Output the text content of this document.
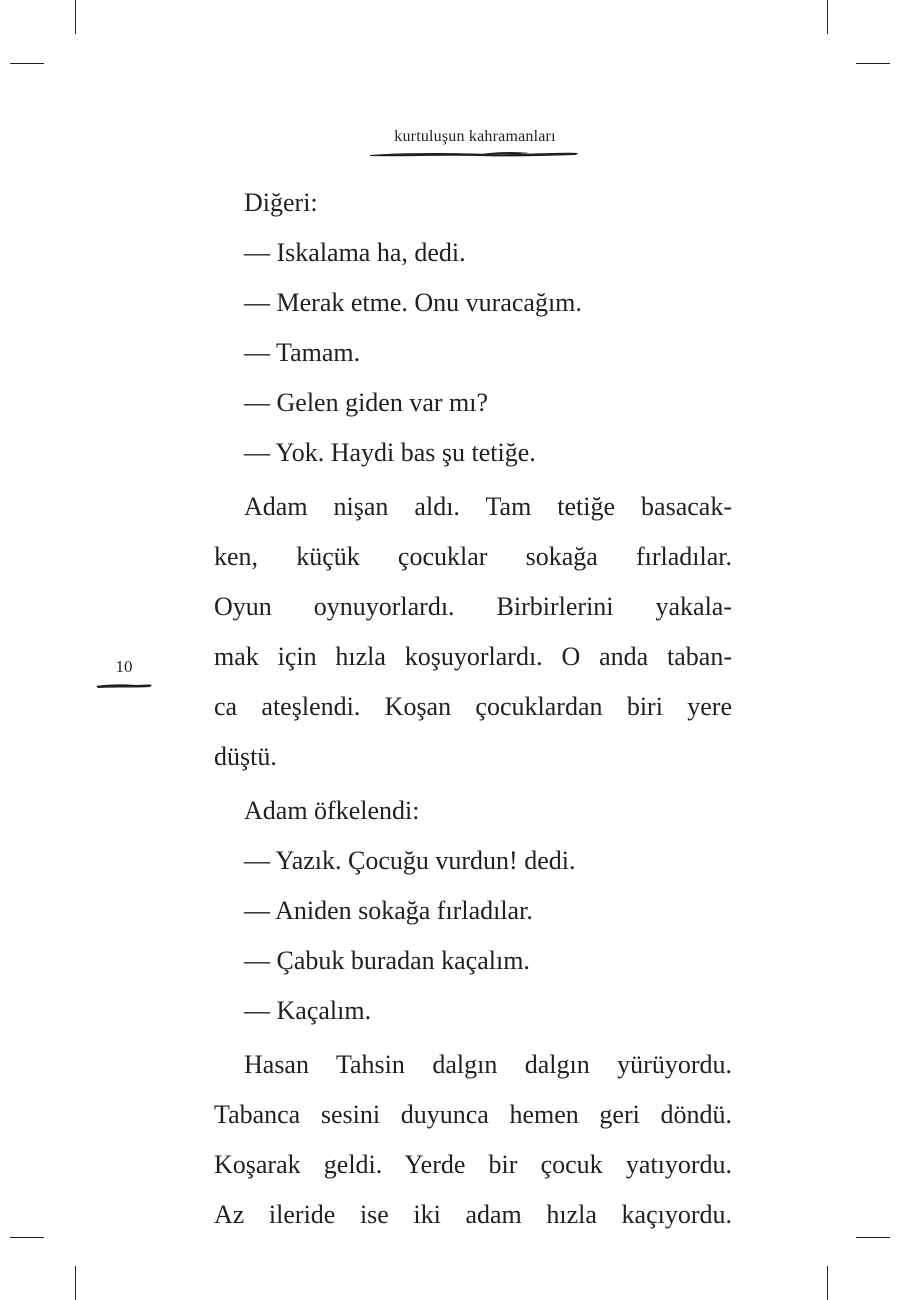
kurtuluşun kahramanları
10
Diğeri:
— Iskalama ha, dedi.
— Merak etme. Onu vuracağım.
— Tamam.
— Gelen giden var mı?
— Yok. Haydi bas şu tetiğe.
Adam nişan aldı. Tam tetiğe basacak-
ken, küçük çocuklar sokağa fırladılar.
Oyun oynuyorlardı. Birbirlerini yakala-
mak için hızla koşuyorlardı. O anda taban-
ca ateşlendi. Koşan çocuklardan biri yere
düştü.
Adam öfkelendi:
— Yazık. Çocuğu vurdun! dedi.
— Aniden sokağa fırladılar.
— Çabuk buradan kaçalım.
— Kaçalım.
Hasan Tahsin dalgın dalgın yürüyordu.
Tabanca sesini duyunca hemen geri döndü.
Koşarak geldi. Yerde bir çocuk yatıyordu.
Az ileride ise iki adam hızla kaçıyordu.
